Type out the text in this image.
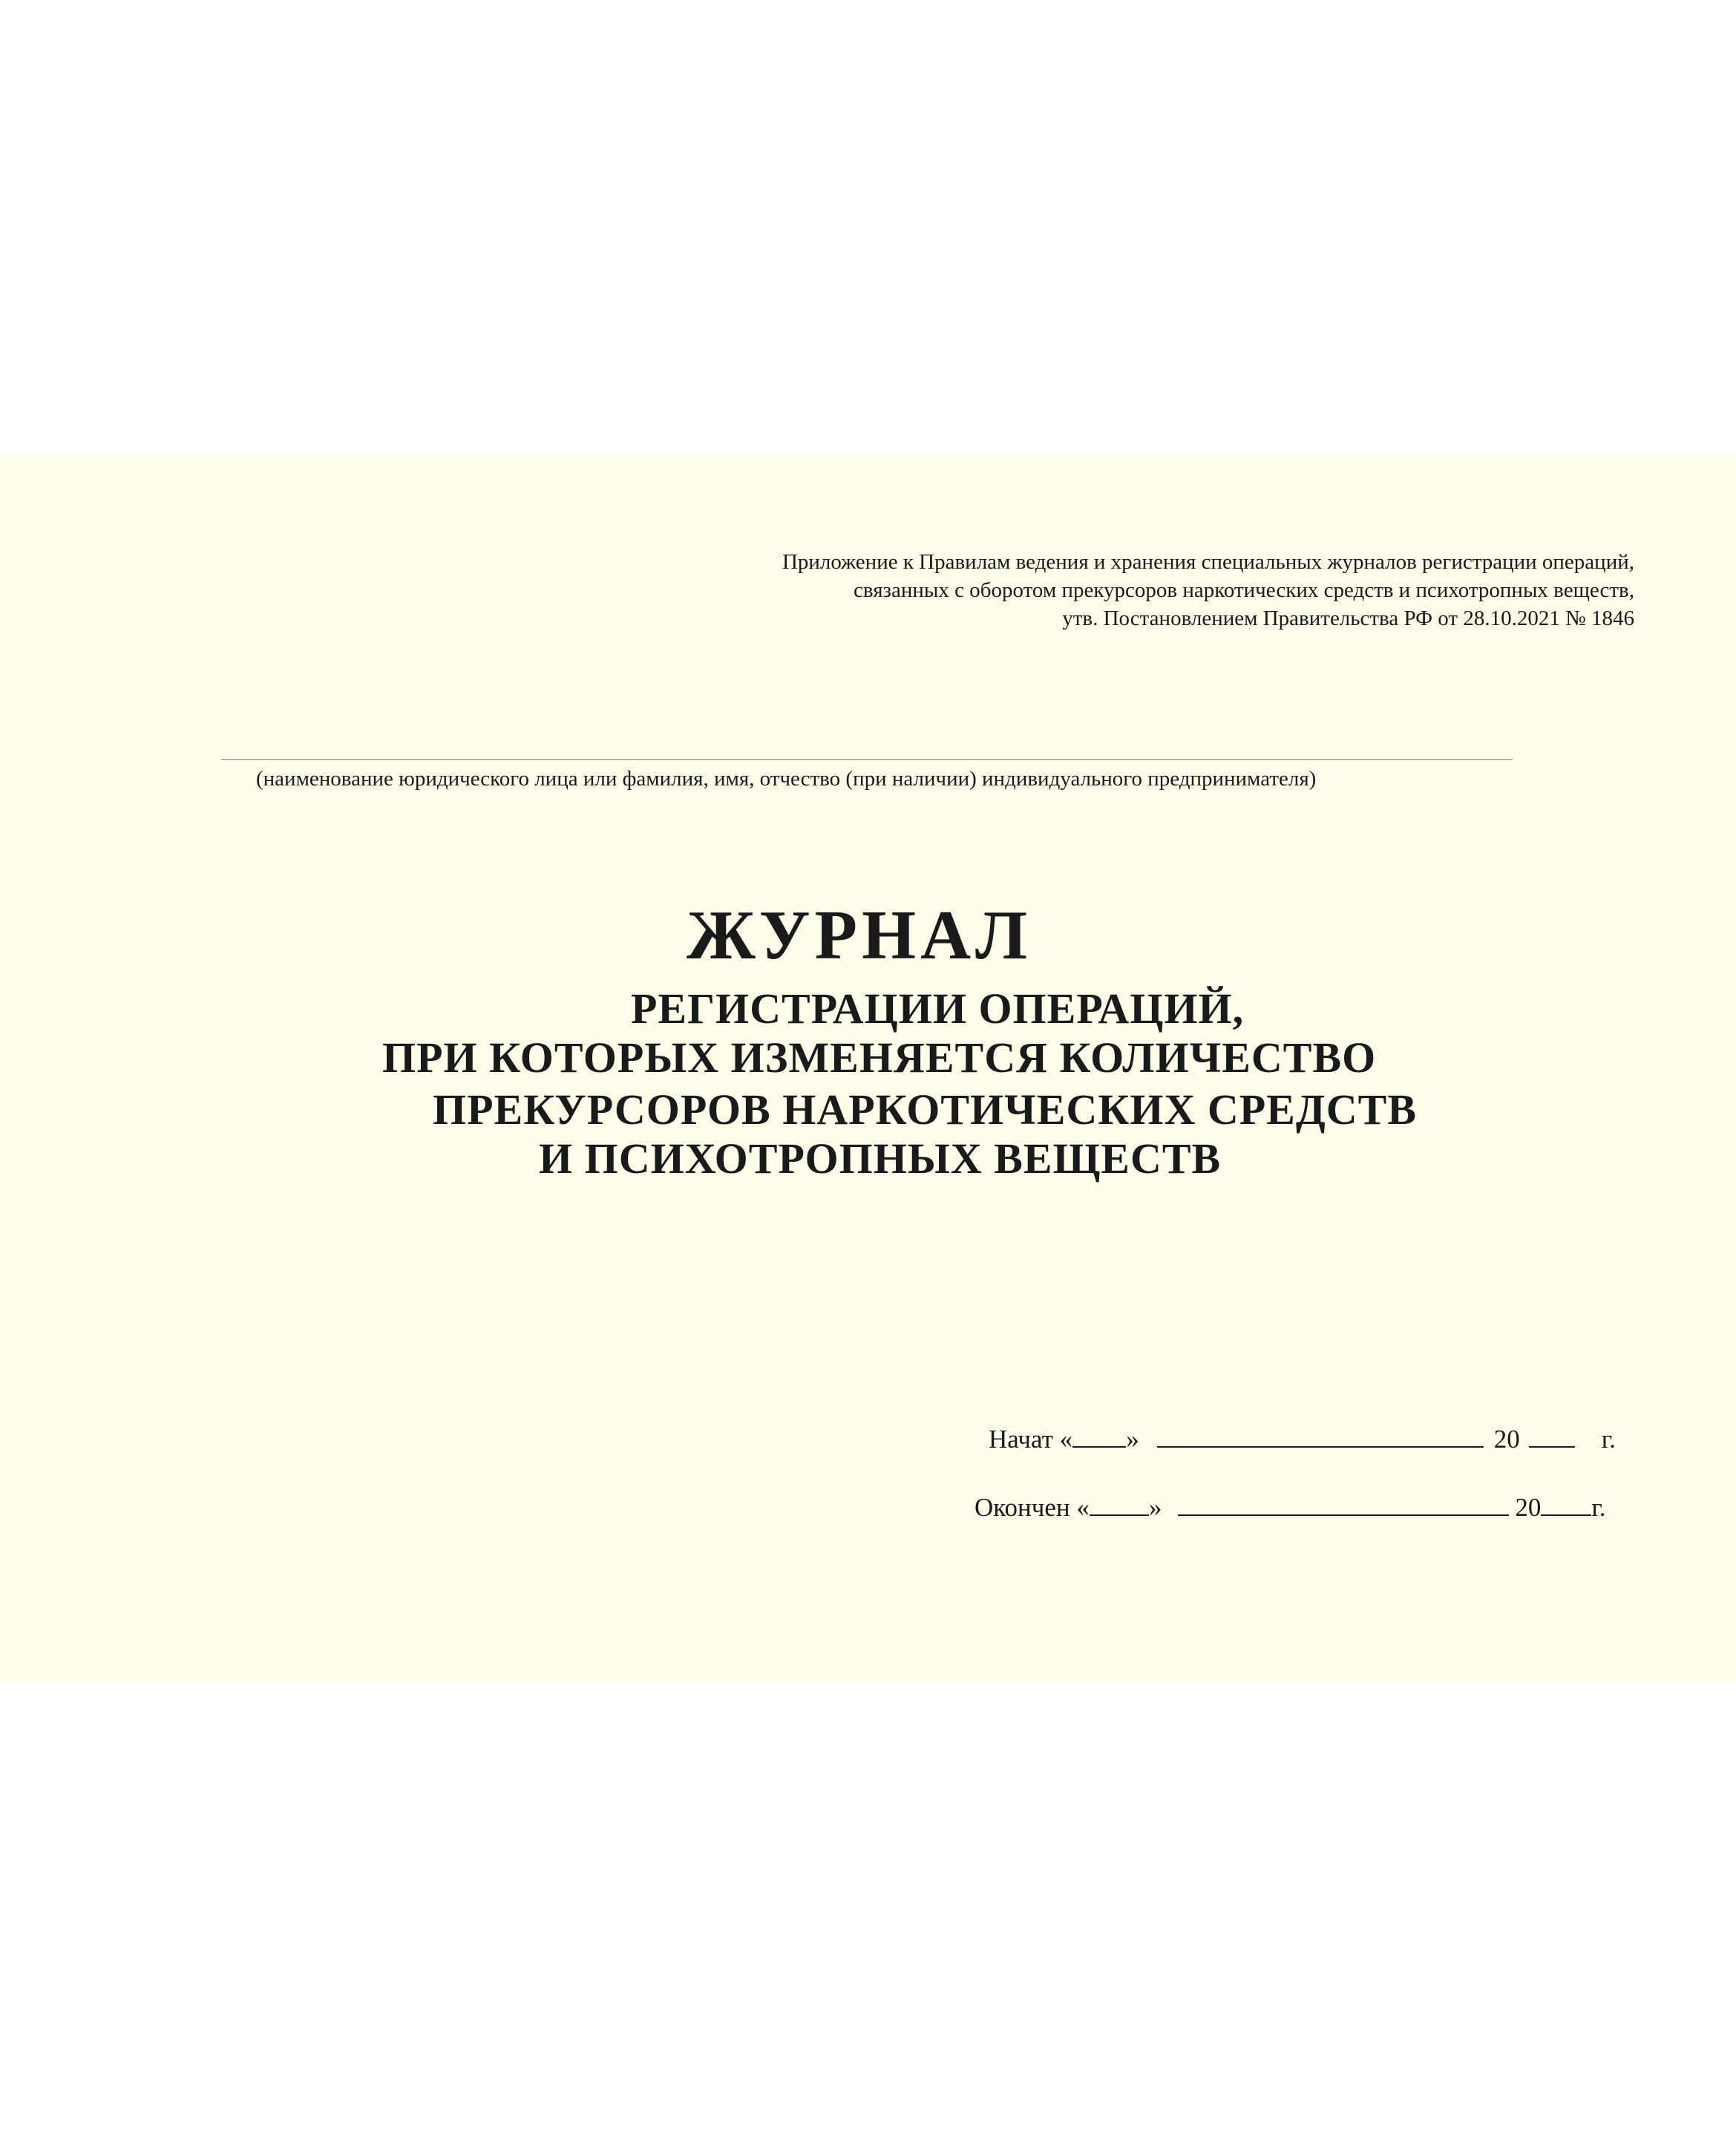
Приложение к Правилам ведения и хранения специальных журналов регистрации операций,
связанных с оборотом прекурсоров наркотических средств и психотропных веществ,
утв. Постановлением Правительства РФ от 28.10.2021 № 1846
(наименование юридического лица или фамилия, имя, отчество (при наличии) индивидуального предпринимателя)
ЖУРНАЛ
РЕГИСТРАЦИИ ОПЕРАЦИЙ,
ПРИ КОТОРЫХ ИЗМЕНЯЕТСЯ КОЛИЧЕСТВО
ПРЕКУРСОРОВ НАРКОТИЧЕСКИХ СРЕДСТВ
И ПСИХОТРОПНЫХ ВЕЩЕСТВ
Начат « »	20	г.
Окончен « »	20 г.
